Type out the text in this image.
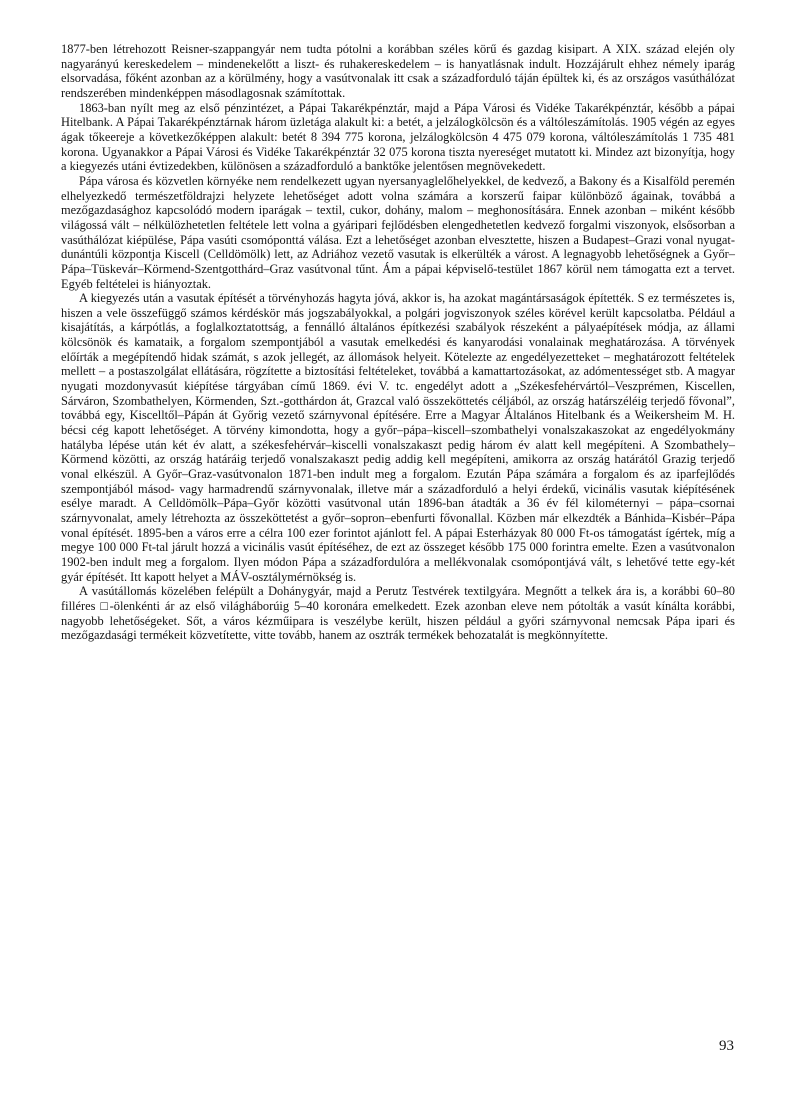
1877-ben létrehozott Reisner-szappangyár nem tudta pótolni a korábban széles körű és gazdag kisipart. A XIX. század elején oly nagyarányú kereskedelem – mindenekelőtt a liszt- és ruhakereskedelem – is hanyatlásnak indult. Hozzájárult ehhez némely iparág elsorvadása, főként azonban az a körülmény, hogy a vasútvonalak itt csak a századforduló táján épültek ki, és az országos vasúthálózat rendszerében mindenképpen másodlagosnak számítottak.

1863-ban nyílt meg az első pénzintézet, a Pápai Takarékpénztár, majd a Pápa Városi és Vidéke Takarékpénztár, később a pápai Hitelbank. A Pápai Takarékpénztárnak három üzletága alakult ki: a betét, a jelzálogkölcsön és a váltóleszámítolás. 1905 végén az egyes ágak tőkeereje a következőképpen alakult: betét 8 394 775 korona, jelzálogkölcsön 4 475 079 korona, váltóleszámítolás 1 735 481 korona. Ugyanakkor a Pápai Városi és Vidéke Takarékpénztár 32 075 korona tiszta nyereséget mutatott ki. Mindez azt bizonyítja, hogy a kiegyezés utáni évtizedekben, különösen a századforduló a banktőke jelentősen megnövekedett.

Pápa városa és közvetlen környéke nem rendelkezett ugyan nyersanyaglelőhelyekkel, de kedvező, a Bakony és a Kisalföld peremén elhelyezkedő természetföldrajzi helyzete lehetőséget adott volna számára a korszerű faipar különböző ágainak, továbbá a mezőgazdasághoz kapcsolódó modern iparágak – textil, cukor, dohány, malom – meghonosítására. Ennek azonban – miként később világossá vált – nélkülözhetetlen feltétele lett volna a gyáripari fejlődésben elengedhetetlen kedvező forgalmi viszonyok, elsősorban a vasúthálózat kiépülése, Pápa vasúti csomóponttá válása. Ezt a lehetőséget azonban elvesztette, hiszen a Budapest–Grazi vonal nyugat-dunántúli központja Kiscell (Celldömölk) lett, az Adriához vezető vasutak is elkerülték a várost. A legnagyobb lehetőségnek a Győr–Pápa–Tüskevár–Körmend-Szentgotthárd–Graz vasútvonal tűnt. Ám a pápai képviselő-testület 1867 körül nem támogatta ezt a tervet. Egyéb feltételei is hiányoztak.

A kiegyezés után a vasutak építését a törvényhozás hagyta jóvá, akkor is, ha azokat magántársaságok építették. S ez természetes is, hiszen a vele összefüggő számos kérdéskör más jogszabályokkal, a polgári jogviszonyok széles körével került kapcsolatba. Például a kisajátítás, a kárpótlás, a foglalkoztatottság, a fennálló általános építkezési szabályok részeként a pályaépítések módja, az állami kölcsönök és kamataik, a forgalom szempontjából a vasutak emelkedési és kanyarodási vonalainak meghatározása. A törvények előírták a megépítendő hidak számát, s azok jellegét, az állomások helyeit. Kötelezte az engedélyezetteket – meghatározott feltételek mellett – a postaszolgálat ellátására, rögzítette a biztosítási feltételeket, továbbá a kamattartozásokat, az adómentességet stb. A magyar nyugati mozdonyvasút kiépítése tárgyában című 1869. évi V. tc. engedélyt adott a „Székesfehérvártól–Veszprémen, Kiscellen, Sárváron, Szombathelyen, Körmenden, Szt.-gotthárdon át, Grazcal való összeköttetés céljából, az ország határszéléig terjedő fővonal”, továbbá egy, Kiscelltől–Pápán át Győrig vezető szárnyvonal építésére. Erre a Magyar Általános Hitelbank és a Weikersheim M. H. bécsi cég kapott lehetőséget. A törvény kimondotta, hogy a győr–pápa–kiscell–szombathelyi vonalszakaszokat az engedélyokmány hatályba lépése után két év alatt, a székesfehérvár–kiscelli vonalszakaszt pedig három év alatt kell megépíteni. A Szombathely–Körmend közötti, az ország határáig terjedő vonalszakaszt pedig addig kell megépíteni, amikorra az ország határától Grazig terjedő vonal elkészül. A Győr–Graz-vasútvonalon 1871-ben indult meg a forgalom. Ezután Pápa számára a forgalom és az iparfejlődés szempontjából másod- vagy harmadrendű szárnyvonalak, illetve már a századforduló a helyi érdekű, vicinális vasutak kiépítésének esélye maradt. A Celldömölk–Pápa–Győr közötti vasútvonal után 1896-ban átadták a 36 év fél kilométernyi – pápa–csornai szárnyvonalat, amely létrehozta az összeköttetést a győr–sopron–ebenfurti fővonallal. Közben már elkezdték a Bánhida–Kisbér–Pápa vonal építését. 1895-ben a város erre a célra 100 ezer forintot ajánlott fel. A pápai Esterházyak 80 000 Ft-os támogatást ígértek, míg a megye 100 000 Ft-tal járult hozzá a vicinális vasút építéséhez, de ezt az összeget később 175 000 forintra emelte. Ezen a vasútvonalon 1902-ben indult meg a forgalom. Ilyen módon Pápa a századfordulóra a mellékvonalak csomópontjává vált, s lehetővé tette egy-két gyár építését. Itt kapott helyet a MÁV-osztálymérnökség is.

A vasútállomás közelében felépült a Dohánygyár, majd a Perutz Testvérek textilgyára. Megnőtt a telkek ára is, a korábbi 60–80 filléres □-ölenkénti ár az első világháborúig 5–40 koronára emelkedett. Ezek azonban eleve nem pótolták a vasút kínálta korábbi, nagyobb lehetőségeket. Sőt, a város kézműipara is veszélybe került, hiszen például a győri szárnyvonal nemcsak Pápa ipari és mezőgazdasági termékeit közvetítette, vitte tovább, hanem az osztrák termékek behozatalát is megkönnyítette.

93
